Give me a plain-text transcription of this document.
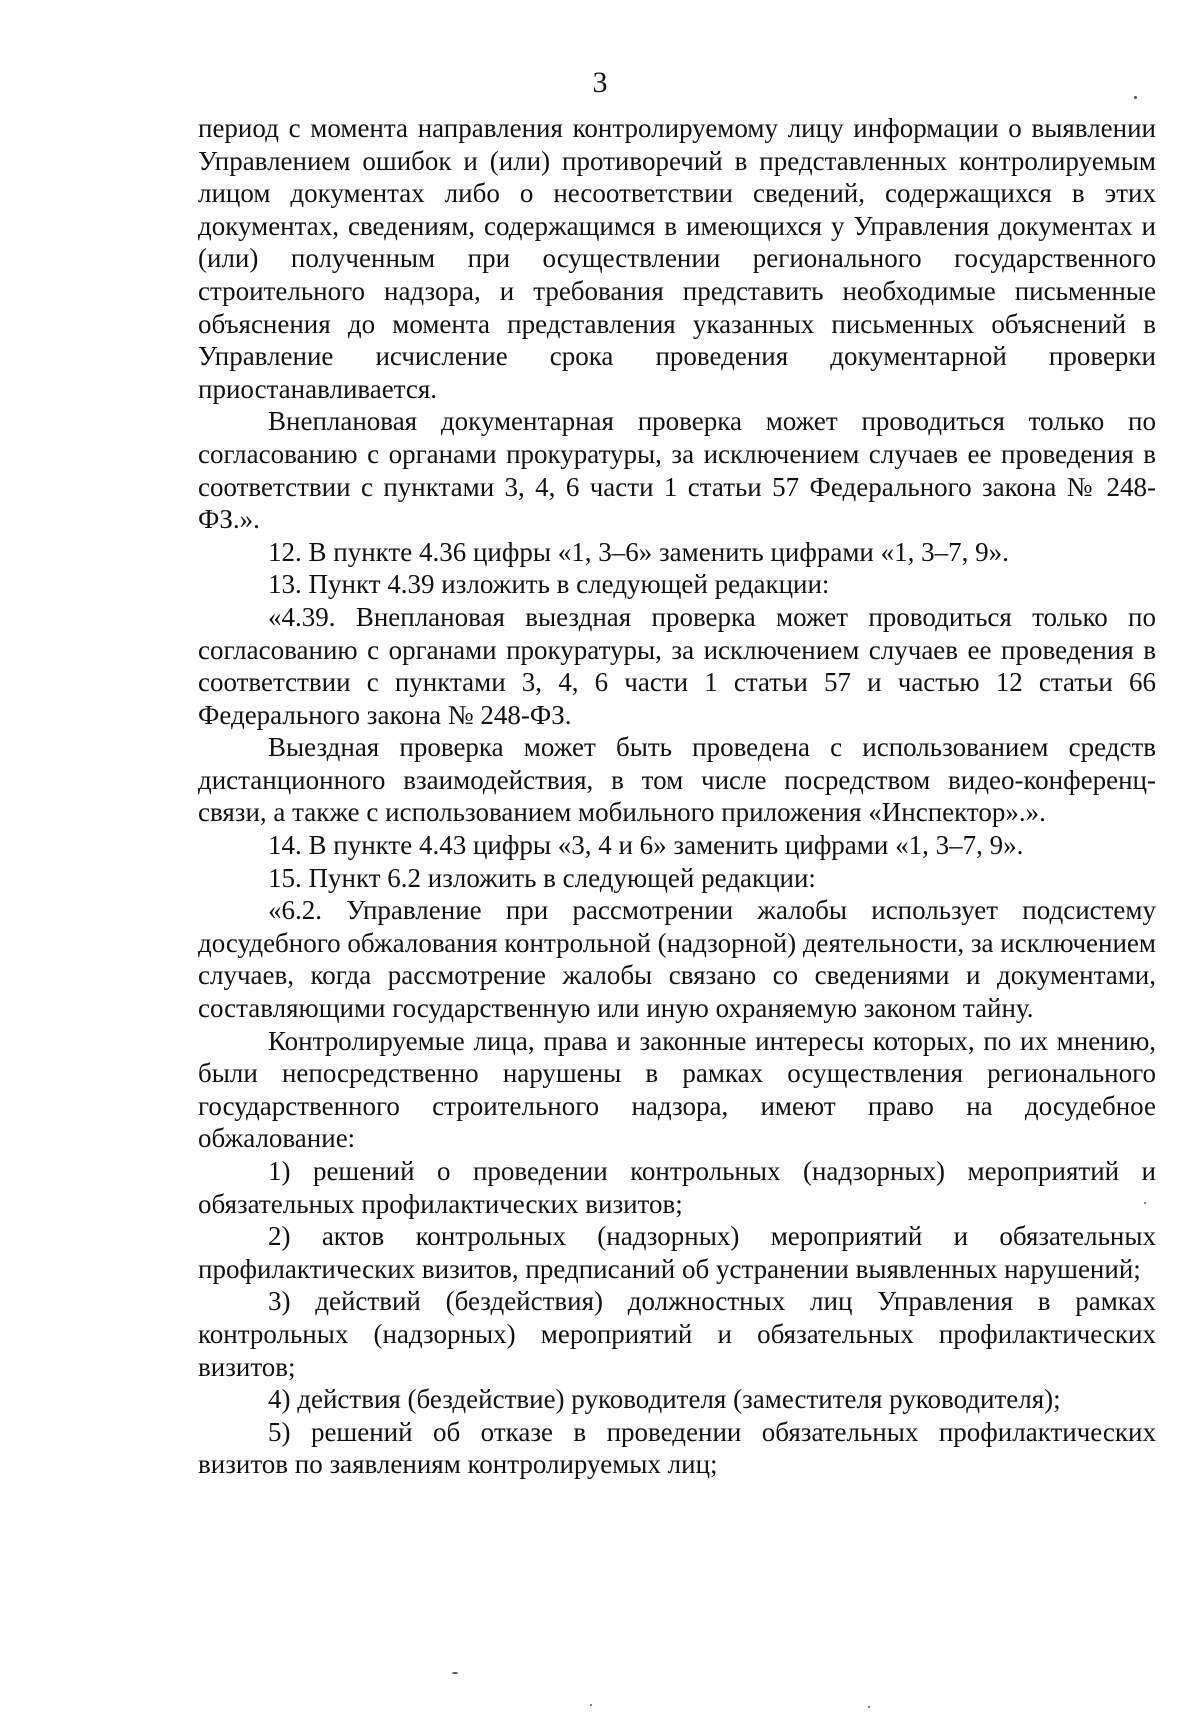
3

период с момента направления контролируемому лицу информации о выявлении Управлением ошибок и (или) противоречий в представленных контролируемым лицом документах либо о несоответствии сведений, содержащихся в этих документах, сведениям, содержащимся в имеющихся у Управления документах и (или) полученным при осуществлении регионального государственного строительного надзора, и требования представить необходимые письменные объяснения до момента представления указанных письменных объяснений в Управление исчисление срока проведения документарной проверки приостанавливается.

Внеплановая документарная проверка может проводиться только по согласованию с органами прокуратуры, за исключением случаев ее проведения в соответствии с пунктами 3, 4, 6 части 1 статьи 57 Федерального закона № 248-ФЗ.».

12. В пункте 4.36 цифры «1, 3–6» заменить цифрами «1, 3–7, 9».

13. Пункт 4.39 изложить в следующей редакции:

«4.39. Внеплановая выездная проверка может проводиться только по согласованию с органами прокуратуры, за исключением случаев ее проведения в соответствии с пунктами 3, 4, 6 части 1 статьи 57 и частью 12 статьи 66 Федерального закона № 248-ФЗ.

Выездная проверка может быть проведена с использованием средств дистанционного взаимодействия, в том числе посредством видео-конференц-связи, а также с использованием мобильного приложения «Инспектор».».

14. В пункте 4.43 цифры «3, 4 и 6» заменить цифрами «1, 3–7, 9».

15. Пункт 6.2 изложить в следующей редакции:

«6.2. Управление при рассмотрении жалобы использует подсистему досудебного обжалования контрольной (надзорной) деятельности, за исключением случаев, когда рассмотрение жалобы связано со сведениями и документами, составляющими государственную или иную охраняемую законом тайну.

Контролируемые лица, права и законные интересы которых, по их мнению, были непосредственно нарушены в рамках осуществления регионального государственного строительного надзора, имеют право на досудебное обжалование:

1) решений о проведении контрольных (надзорных) мероприятий и обязательных профилактических визитов;

2) актов контрольных (надзорных) мероприятий и обязательных профилактических визитов, предписаний об устранении выявленных нарушений;

3) действий (бездействия) должностных лиц Управления в рамках контрольных (надзорных) мероприятий и обязательных профилактических визитов;

4) действия (бездействие) руководителя (заместителя руководителя);

5) решений об отказе в проведении обязательных профилактических визитов по заявлениям контролируемых лиц;
